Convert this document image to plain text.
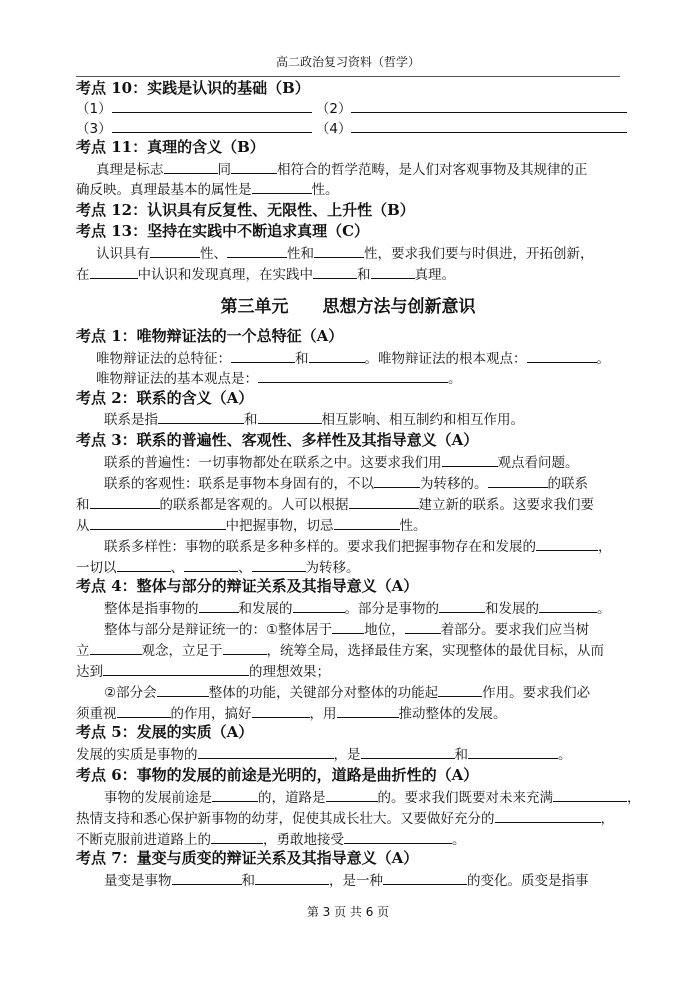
高二政治复习资料（哲学）
考点 10：实践是认识的基础（B）
（1）	（2）
（3）	（4）
考点 11：真理的含义（B）
真理是标志	同	相符合的哲学范畴，是人们对客观事物及其规律的正
确反映。真理最基本的属性是	性。
考点 12：认识具有反复性、无限性、上升性（B）
考点 13：坚持在实践中不断追求真理（C）
认识具有	性、	性和	性，要求我们要与时俱进，开拓创新，
在	中认识和发现真理，在实践中	和	真理。
第三单元　　思想方法与创新意识
考点 1：唯物辩证法的一个总特征（A）
唯物辩证法的总特征：	和	。唯物辩证法的根本观点：	。
唯物辩证法的基本观点是：	。
考点 2：联系的含义（A）
联系是指	和	相互影响、相互制约和相互作用。
考点 3：联系的普遍性、客观性、多样性及其指导意义（A）
联系的普遍性：一切事物都处在联系之中。这要求我们用	观点看问题。
联系的客观性：联系是事物本身固有的，不以	为转移的。	的联系
和	的联系都是客观的。人可以根据	建立新的联系。这要求我们要
从	中把握事物，切忌	性。
联系多样性：事物的联系是多种多样的。要求我们把握事物存在和发展的	，
一切以	、	、	为转移。
考点 4：整体与部分的辩证关系及其指导意义（A）
整体是指事物的	和发展的	。部分是事物的	和发展的	。
整体与部分是辩证统一的：①整体居于 地位，	着部分。要求我们应当树
立	观念，立足于	，统筹全局，选择最佳方案，实现整体的最优目标，从而
达到	的理想效果；
②部分会	整体的功能，关键部分对整体的功能起	作用。要求我们必
须重视	的作用，搞好	，用	推动整体的发展。
考点 5：发展的实质（A）
发展的实质是事物的	，是	和	。
考点 6：事物的发展的前途是光明的，道路是曲折性的（A）
事物的发展前途是	的，道路是	的。要求我们既要对未来充满	，
热情支持和悉心保护新事物的幼芽，促使其成长壮大。又要做好充分的	，
不断克服前进道路上的	，勇敢地接受	。
考点 7：量变与质变的辩证关系及其指导意义（A）
量变是事物	和	，是一种	的变化。质变是指事
第 3 页 共 6 页
